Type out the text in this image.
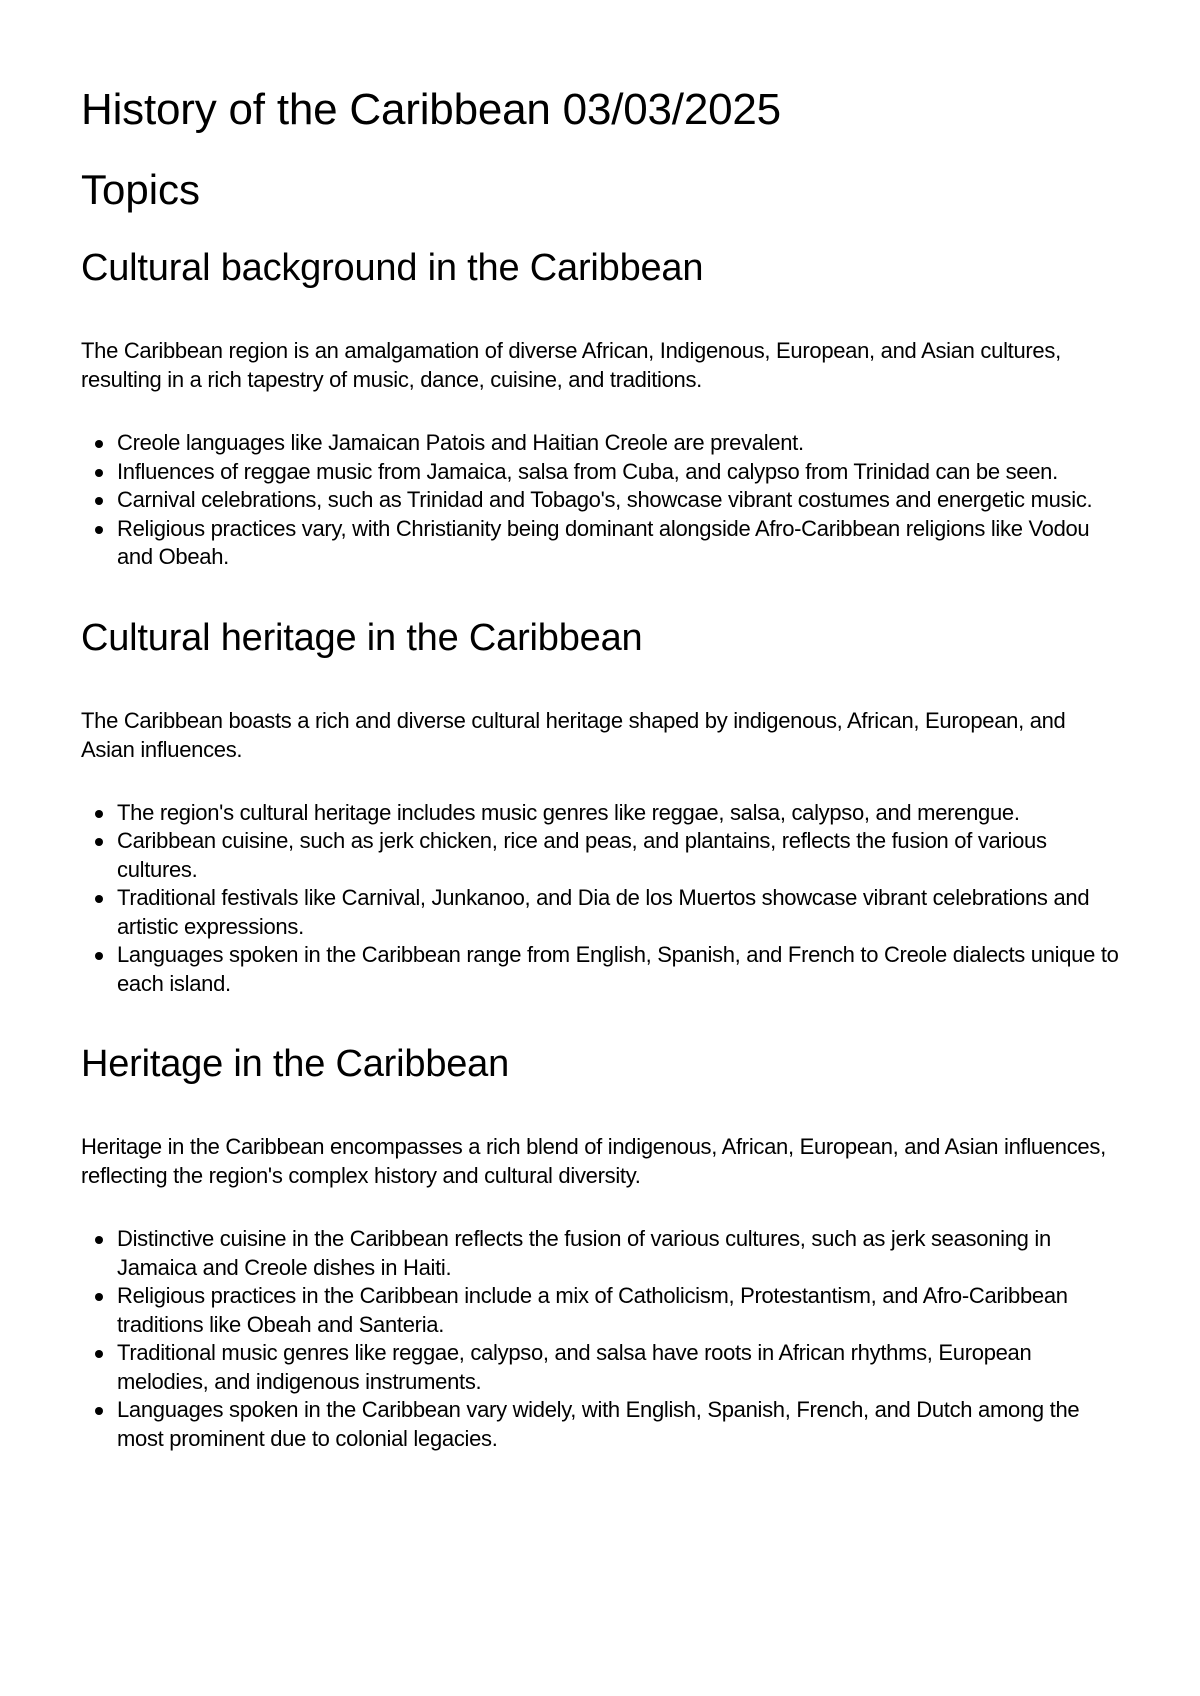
History of the Caribbean 03/03/2025
Topics
Cultural background in the Caribbean

The Caribbean region is an amalgamation of diverse African, Indigenous, European, and Asian cultures, resulting in a rich tapestry of music, dance, cuisine, and traditions.

Creole languages like Jamaican Patois and Haitian Creole are prevalent.
Influences of reggae music from Jamaica, salsa from Cuba, and calypso from Trinidad can be seen.
Carnival celebrations, such as Trinidad and Tobago's, showcase vibrant costumes and energetic music.
Religious practices vary, with Christianity being dominant alongside Afro-Caribbean religions like Vodou and Obeah.
Cultural heritage in the Caribbean

The Caribbean boasts a rich and diverse cultural heritage shaped by indigenous, African, European, and Asian influences.

The region's cultural heritage includes music genres like reggae, salsa, calypso, and merengue.
Caribbean cuisine, such as jerk chicken, rice and peas, and plantains, reflects the fusion of various cultures.
Traditional festivals like Carnival, Junkanoo, and Dia de los Muertos showcase vibrant celebrations and artistic expressions.
Languages spoken in the Caribbean range from English, Spanish, and French to Creole dialects unique to each island.
Heritage in the Caribbean

Heritage in the Caribbean encompasses a rich blend of indigenous, African, European, and Asian influences, reflecting the region's complex history and cultural diversity.

Distinctive cuisine in the Caribbean reflects the fusion of various cultures, such as jerk seasoning in Jamaica and Creole dishes in Haiti.
Religious practices in the Caribbean include a mix of Catholicism, Protestantism, and Afro-Caribbean traditions like Obeah and Santeria.
Traditional music genres like reggae, calypso, and salsa have roots in African rhythms, European melodies, and indigenous instruments.
Languages spoken in the Caribbean vary widely, with English, Spanish, French, and Dutch among the most prominent due to colonial legacies.
